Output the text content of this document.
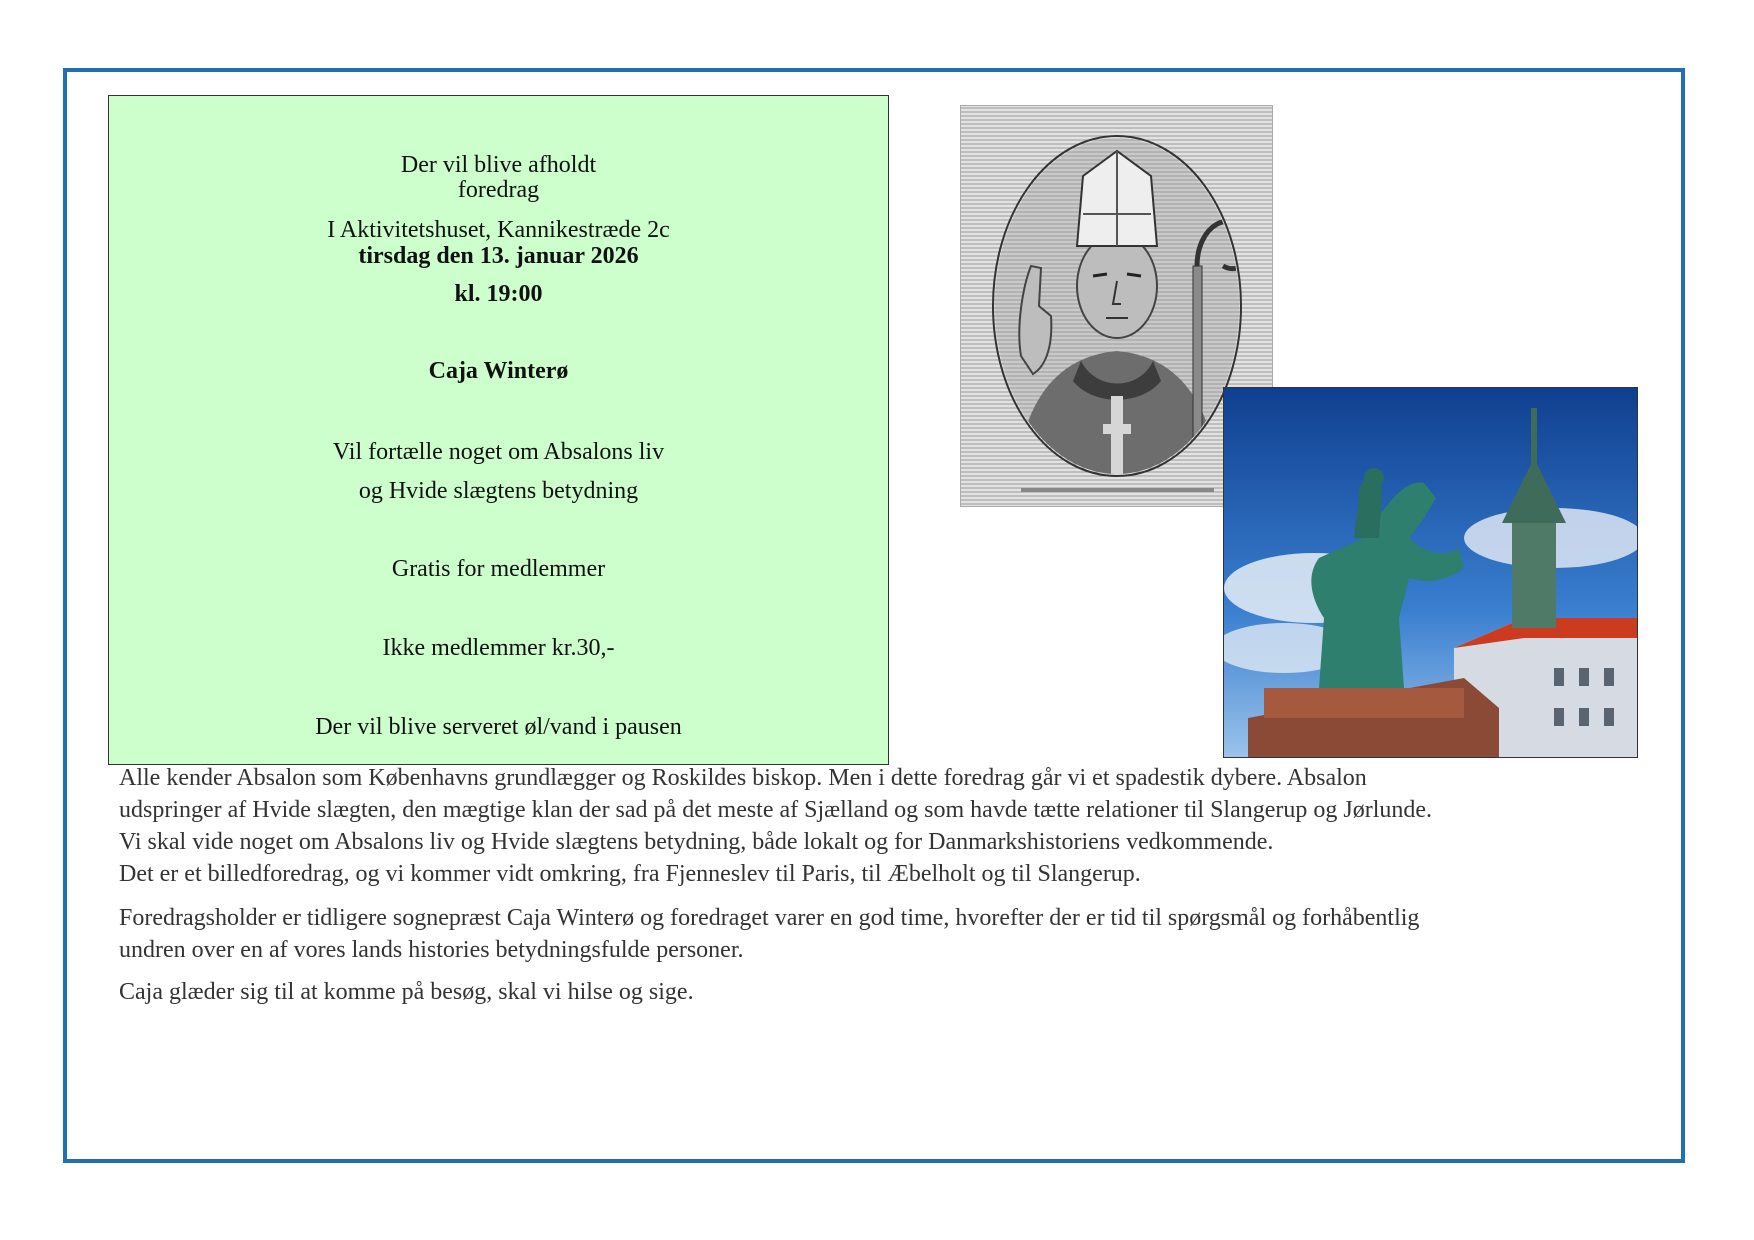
Der vil blive afholdt
foredrag
I Aktivitetshuset, Kannikestræde 2c
tirsdag den 13. januar 2026
kl. 19:00
Caja Winterø
Vil fortælle noget om Absalons liv
og Hvide slægtens betydning
Gratis for medlemmer
Ikke medlemmer kr.30,-
Der vil blive serveret øl/vand i pausen
Alle kender Absalon som Københavns grundlægger og Roskildes biskop. Men i dette foredrag går vi et spadestik dybere. Absalon
udspringer af Hvide slægten, den mægtige klan der sad på det meste af Sjælland og som havde tætte relationer til Slangerup og Jørlunde.
Vi skal vide noget om Absalons liv og Hvide slægtens betydning, både lokalt og for Danmarkshistoriens vedkommende.
Det er et billedforedrag, og vi kommer vidt omkring, fra Fjenneslev til Paris, til Æbelholt og til Slangerup.
Foredragsholder er tidligere sognepræst Caja Winterø og foredraget varer en god time, hvorefter der er tid til spørgsmål og forhåbentlig
undren over en af vores lands histories betydningsfulde personer.
Caja glæder sig til at komme på besøg, skal vi hilse og sige.
